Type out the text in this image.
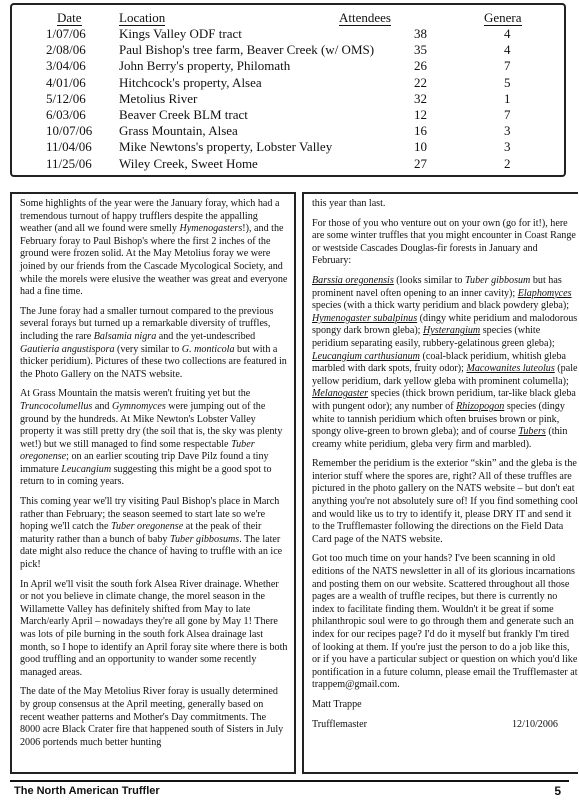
Date	Location	Attendees	Genera
1/07/06	Kings Valley ODF tract	38	4
2/08/06	Paul Bishop's tree farm, Beaver Creek (w/ OMS)	35	4
3/04/06	John Berry's property, Philomath	26	7
4/01/06	Hitchcock's property, Alsea	22	5
5/12/06	Metolius River	32	1
6/03/06	Beaver Creek BLM tract	12	7
10/07/06 Grass Mountain, Alsea	16	3
11/04/06 Mike Newtons's property, Lobster Valley	10	3
11/25/06 Wiley Creek, Sweet Home	27	2

Some highlights of the year were the January foray, which had a tremendous turnout of happy trufflers despite the appalling weather (and all we found were smelly Hymenogasters!), and the February foray to Paul Bishop's where the first 2 inches of the ground were frozen solid. At the May Metolius foray we were joined by our friends from the Cascade Mycological Society, and while the morels were elusive the weather was great and everyone had a fine time.

The June foray had a smaller turnout compared to the previous several forays but turned up a remarkable diversity of truffles, including the rare Balsamia nigra and the yet-undescribed Gautieria angustispora (very similar to G. monticola but with a thicker peridium). Pictures of these two collections are featured in the Photo Gallery on the NATS website.

At Grass Mountain the matsis weren't fruiting yet but the Truncocolumellus and Gymnomyces were jumping out of the ground by the hundreds. At Mike Newton's Lobster Valley property it was still pretty dry (the soil that is, the sky was plenty wet!) but we still managed to find some respectable Tuber oregonense; on an earlier scouting trip Dave Pilz found a tiny immature Leucangium suggesting this might be a good spot to return to in coming years.

This coming year we'll try visiting Paul Bishop's place in March rather than February; the season seemed to start late so we're hoping we'll catch the Tuber oregonense at the peak of their maturity rather than a bunch of baby Tuber gibbosums. The later date might also reduce the chance of having to truffle with an ice pick!

In April we'll visit the south fork Alsea River drainage. Whether or not you believe in climate change, the morel season in the Willamette Valley has definitely shifted from May to late March/early April – nowadays they're all gone by May 1! There was lots of pile burning in the south fork Alsea drainage last month, so I hope to identify an April foray site where there is both good truffling and an opportunity to wander some recently managed areas.

The date of the May Metolius River foray is usually determined by group consensus at the April meeting, generally based on recent weather patterns and Mother's Day commitments. The 8000 acre Black Crater fire that happened south of Sisters in July 2006 portends much better hunting

this year than last.

For those of you who venture out on your own (go for it!), here are some winter truffles that you might encounter in Coast Range or westside Cascades Douglas-fir forests in January and February:

Barssia oregonensis (looks similar to Tuber gibbosum but has prominent navel often opening to an inner cavity); Elaphomyces species (with a thick warty peridium and black powdery gleba); Hymenogaster subalpinus (dingy white peridium and malodorous spongy dark brown gleba); Hysterangium species (white peridium separating easily, rubbery-gelatinous green gleba); Leucangium carthusianum (coal-black peridium, whitish gleba marbled with dark spots, fruity odor); Macowanites luteolus (pale yellow peridium, dark yellow gleba with prominent columella); Melanogaster species (thick brown peridium, tar-like black gleba with pungent odor); any number of Rhizopogon species (dingy white to tannish peridium which often bruises brown or pink, spongy olive-green to brown gleba); and of course Tubers (thin creamy white peridium, gleba very firm and marbled).

Remember the peridium is the exterior “skin” and the gleba is the interior stuff where the spores are, right? All of these truffles are pictured in the photo gallery on the NATS website – but don't eat anything you're not absolutely sure of! If you find something cool and would like us to try to identify it, please DRY IT and send it to the Trufflemaster following the directions on the Field Data Card page of the NATS website.

Got too much time on your hands? I've been scanning in old editions of the NATS newsletter in all of its glorious incarnations and posting them on our website. Scattered throughout all those pages are a wealth of truffle recipes, but there is currently no index to facilitate finding them. Wouldn't it be great if some philanthropic soul were to go through them and generate such an index for our recipes page? I'd do it myself but frankly I'm tired of looking at them. If you're just the person to do a job like this, or if you have a particular subject or question on which you'd like pontification in a future column, please email the Trufflemaster at trappem@gmail.com.

Matt Trappe
Trufflemaster	12/10/2006
The North American Truffler	5
